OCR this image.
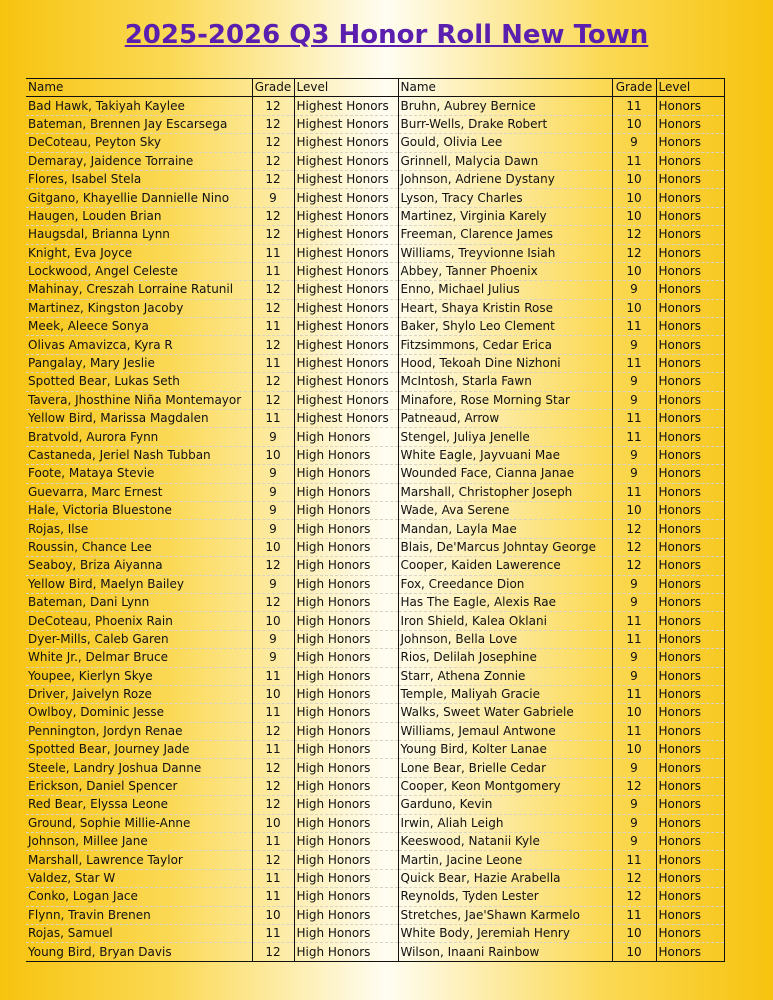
2025-2026 Q3 Honor Roll New Town
Name	Grade	Level	Name	Grade	Level
Bad Hawk, Takiyah Kaylee	12	Highest Honors	Bruhn, Aubrey Bernice	11	Honors
Bateman, Brennen Jay Escarsega	12	Highest Honors	Burr-Wells, Drake Robert	10	Honors
DeCoteau, Peyton Sky	12	Highest Honors	Gould, Olivia Lee	9	Honors
Demaray, Jaidence Torraine	12	Highest Honors	Grinnell, Malycia Dawn	11	Honors
Flores, Isabel Stela	12	Highest Honors	Johnson, Adriene Dystany	10	Honors
Gitgano, Khayellie Dannielle Nino	9	Highest Honors	Lyson, Tracy Charles	10	Honors
Haugen, Louden Brian	12	Highest Honors	Martinez, Virginia Karely	10	Honors
Haugsdal, Brianna Lynn	12	Highest Honors	Freeman, Clarence James	12	Honors
Knight, Eva Joyce	11	Highest Honors	Williams, Treyvionne Isiah	12	Honors
Lockwood, Angel Celeste	11	Highest Honors	Abbey, Tanner Phoenix	10	Honors
Mahinay, Creszah Lorraine Ratunil	12	Highest Honors	Enno, Michael Julius	9	Honors
Martinez, Kingston Jacoby	12	Highest Honors	Heart, Shaya Kristin Rose	10	Honors
Meek, Aleece Sonya	11	Highest Honors	Baker, Shylo Leo Clement	11	Honors
Olivas Amavizca, Kyra R	12	Highest Honors	Fitzsimmons, Cedar Erica	9	Honors
Pangalay, Mary Jeslie	11	Highest Honors	Hood, Tekoah Dine Nizhoni	11	Honors
Spotted Bear, Lukas Seth	12	Highest Honors	McIntosh, Starla Fawn	9	Honors
Tavera, Jhosthine Niña Montemayor	12	Highest Honors	Minafore, Rose Morning Star	9	Honors
Yellow Bird, Marissa Magdalen	11	Highest Honors	Patneaud, Arrow	11	Honors
Bratvold, Aurora Fynn	9	High Honors	Stengel, Juliya Jenelle	11	Honors
Castaneda, Jeriel Nash Tubban	10	High Honors	White Eagle, Jayvuani Mae	9	Honors
Foote, Mataya Stevie	9	High Honors	Wounded Face, Cianna Janae	9	Honors
Guevarra, Marc Ernest	9	High Honors	Marshall, Christopher Joseph	11	Honors
Hale, Victoria Bluestone	9	High Honors	Wade, Ava Serene	10	Honors
Rojas, Ilse	9	High Honors	Mandan, Layla Mae	12	Honors
Roussin, Chance Lee	10	High Honors	Blais, De'Marcus Johntay George	12	Honors
Seaboy, Briza Aiyanna	12	High Honors	Cooper, Kaiden Lawerence	12	Honors
Yellow Bird, Maelyn Bailey	9	High Honors	Fox, Creedance Dion	9	Honors
Bateman, Dani Lynn	12	High Honors	Has The Eagle, Alexis Rae	9	Honors
DeCoteau, Phoenix Rain	10	High Honors	Iron Shield, Kalea Oklani	11	Honors
Dyer-Mills, Caleb Garen	9	High Honors	Johnson, Bella Love	11	Honors
White Jr., Delmar Bruce	9	High Honors	Rios, Delilah Josephine	9	Honors
Youpee, Kierlyn Skye	11	High Honors	Starr, Athena Zonnie	9	Honors
Driver, Jaivelyn Roze	10	High Honors	Temple, Maliyah Gracie	11	Honors
Owlboy, Dominic Jesse	11	High Honors	Walks, Sweet Water Gabriele	10	Honors
Pennington, Jordyn Renae	12	High Honors	Williams, Jemaul Antwone	11	Honors
Spotted Bear, Journey Jade	11	High Honors	Young Bird, Kolter Lanae	10	Honors
Steele, Landry Joshua Danne	12	High Honors	Lone Bear, Brielle Cedar	9	Honors
Erickson, Daniel Spencer	12	High Honors	Cooper, Keon Montgomery	12	Honors
Red Bear, Elyssa Leone	12	High Honors	Garduno, Kevin	9	Honors
Ground, Sophie Millie-Anne	10	High Honors	Irwin, Aliah Leigh	9	Honors
Johnson, Millee Jane	11	High Honors	Keeswood, Natanii Kyle	9	Honors
Marshall, Lawrence Taylor	12	High Honors	Martin, Jacine Leone	11	Honors
Valdez, Star W	11	High Honors	Quick Bear, Hazie Arabella	12	Honors
Conko, Logan Jace	11	High Honors	Reynolds, Tyden Lester	12	Honors
Flynn, Travin Brenen	10	High Honors	Stretches, Jae'Shawn Karmelo	11	Honors
Rojas, Samuel	11	High Honors	White Body, Jeremiah Henry	10	Honors
Young Bird, Bryan Davis	12	High Honors	Wilson, Inaani Rainbow	10	Honors
